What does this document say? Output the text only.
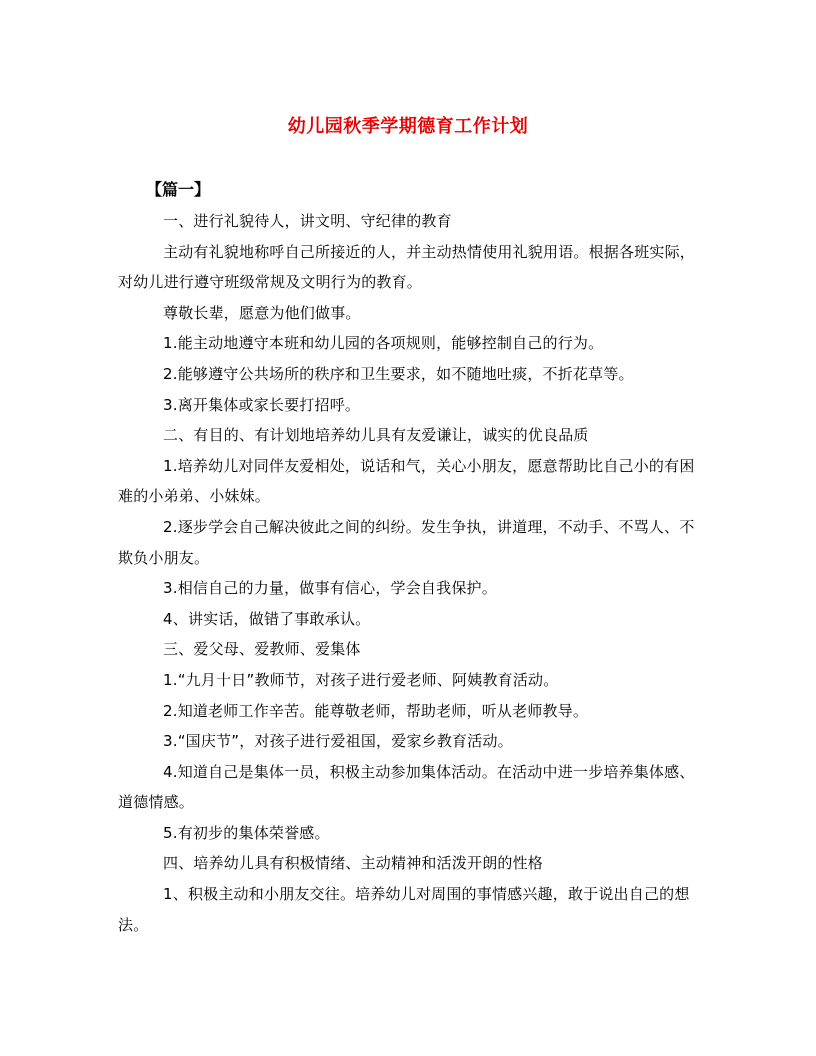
幼儿园秋季学期德育工作计划

【篇一】

一、进行礼貌待人，讲文明、守纪律的教育

主动有礼貌地称呼自己所接近的人，并主动热情使用礼貌用语。根据各班实际，对幼儿进行遵守班级常规及文明行为的教育。

尊敬长辈，愿意为他们做事。

1.能主动地遵守本班和幼儿园的各项规则，能够控制自己的行为。

2.能够遵守公共场所的秩序和卫生要求，如不随地吐痰，不折花草等。

3.离开集体或家长要打招呼。

二、有目的、有计划地培养幼儿具有友爱谦让，诚实的优良品质

1.培养幼儿对同伴友爱相处，说话和气，关心小朋友，愿意帮助比自己小的有困难的小弟弟、小妹妹。

2.逐步学会自己解决彼此之间的纠纷。发生争执，讲道理，不动手、不骂人、不欺负小朋友。

3.相信自己的力量，做事有信心，学会自我保护。

4、讲实话，做错了事敢承认。

三、爱父母、爱教师、爱集体

1.“九月十日”教师节，对孩子进行爱老师、阿姨教育活动。

2.知道老师工作辛苦。能尊敬老师，帮助老师，听从老师教导。

3.“国庆节”，对孩子进行爱祖国，爱家乡教育活动。

4.知道自己是集体一员，积极主动参加集体活动。在活动中进一步培养集体感、道德情感。

5.有初步的集体荣誉感。

四、培养幼儿具有积极情绪、主动精神和活泼开朗的性格

1、积极主动和小朋友交往。培养幼儿对周围的事情感兴趣，敢于说出自己的想法。
